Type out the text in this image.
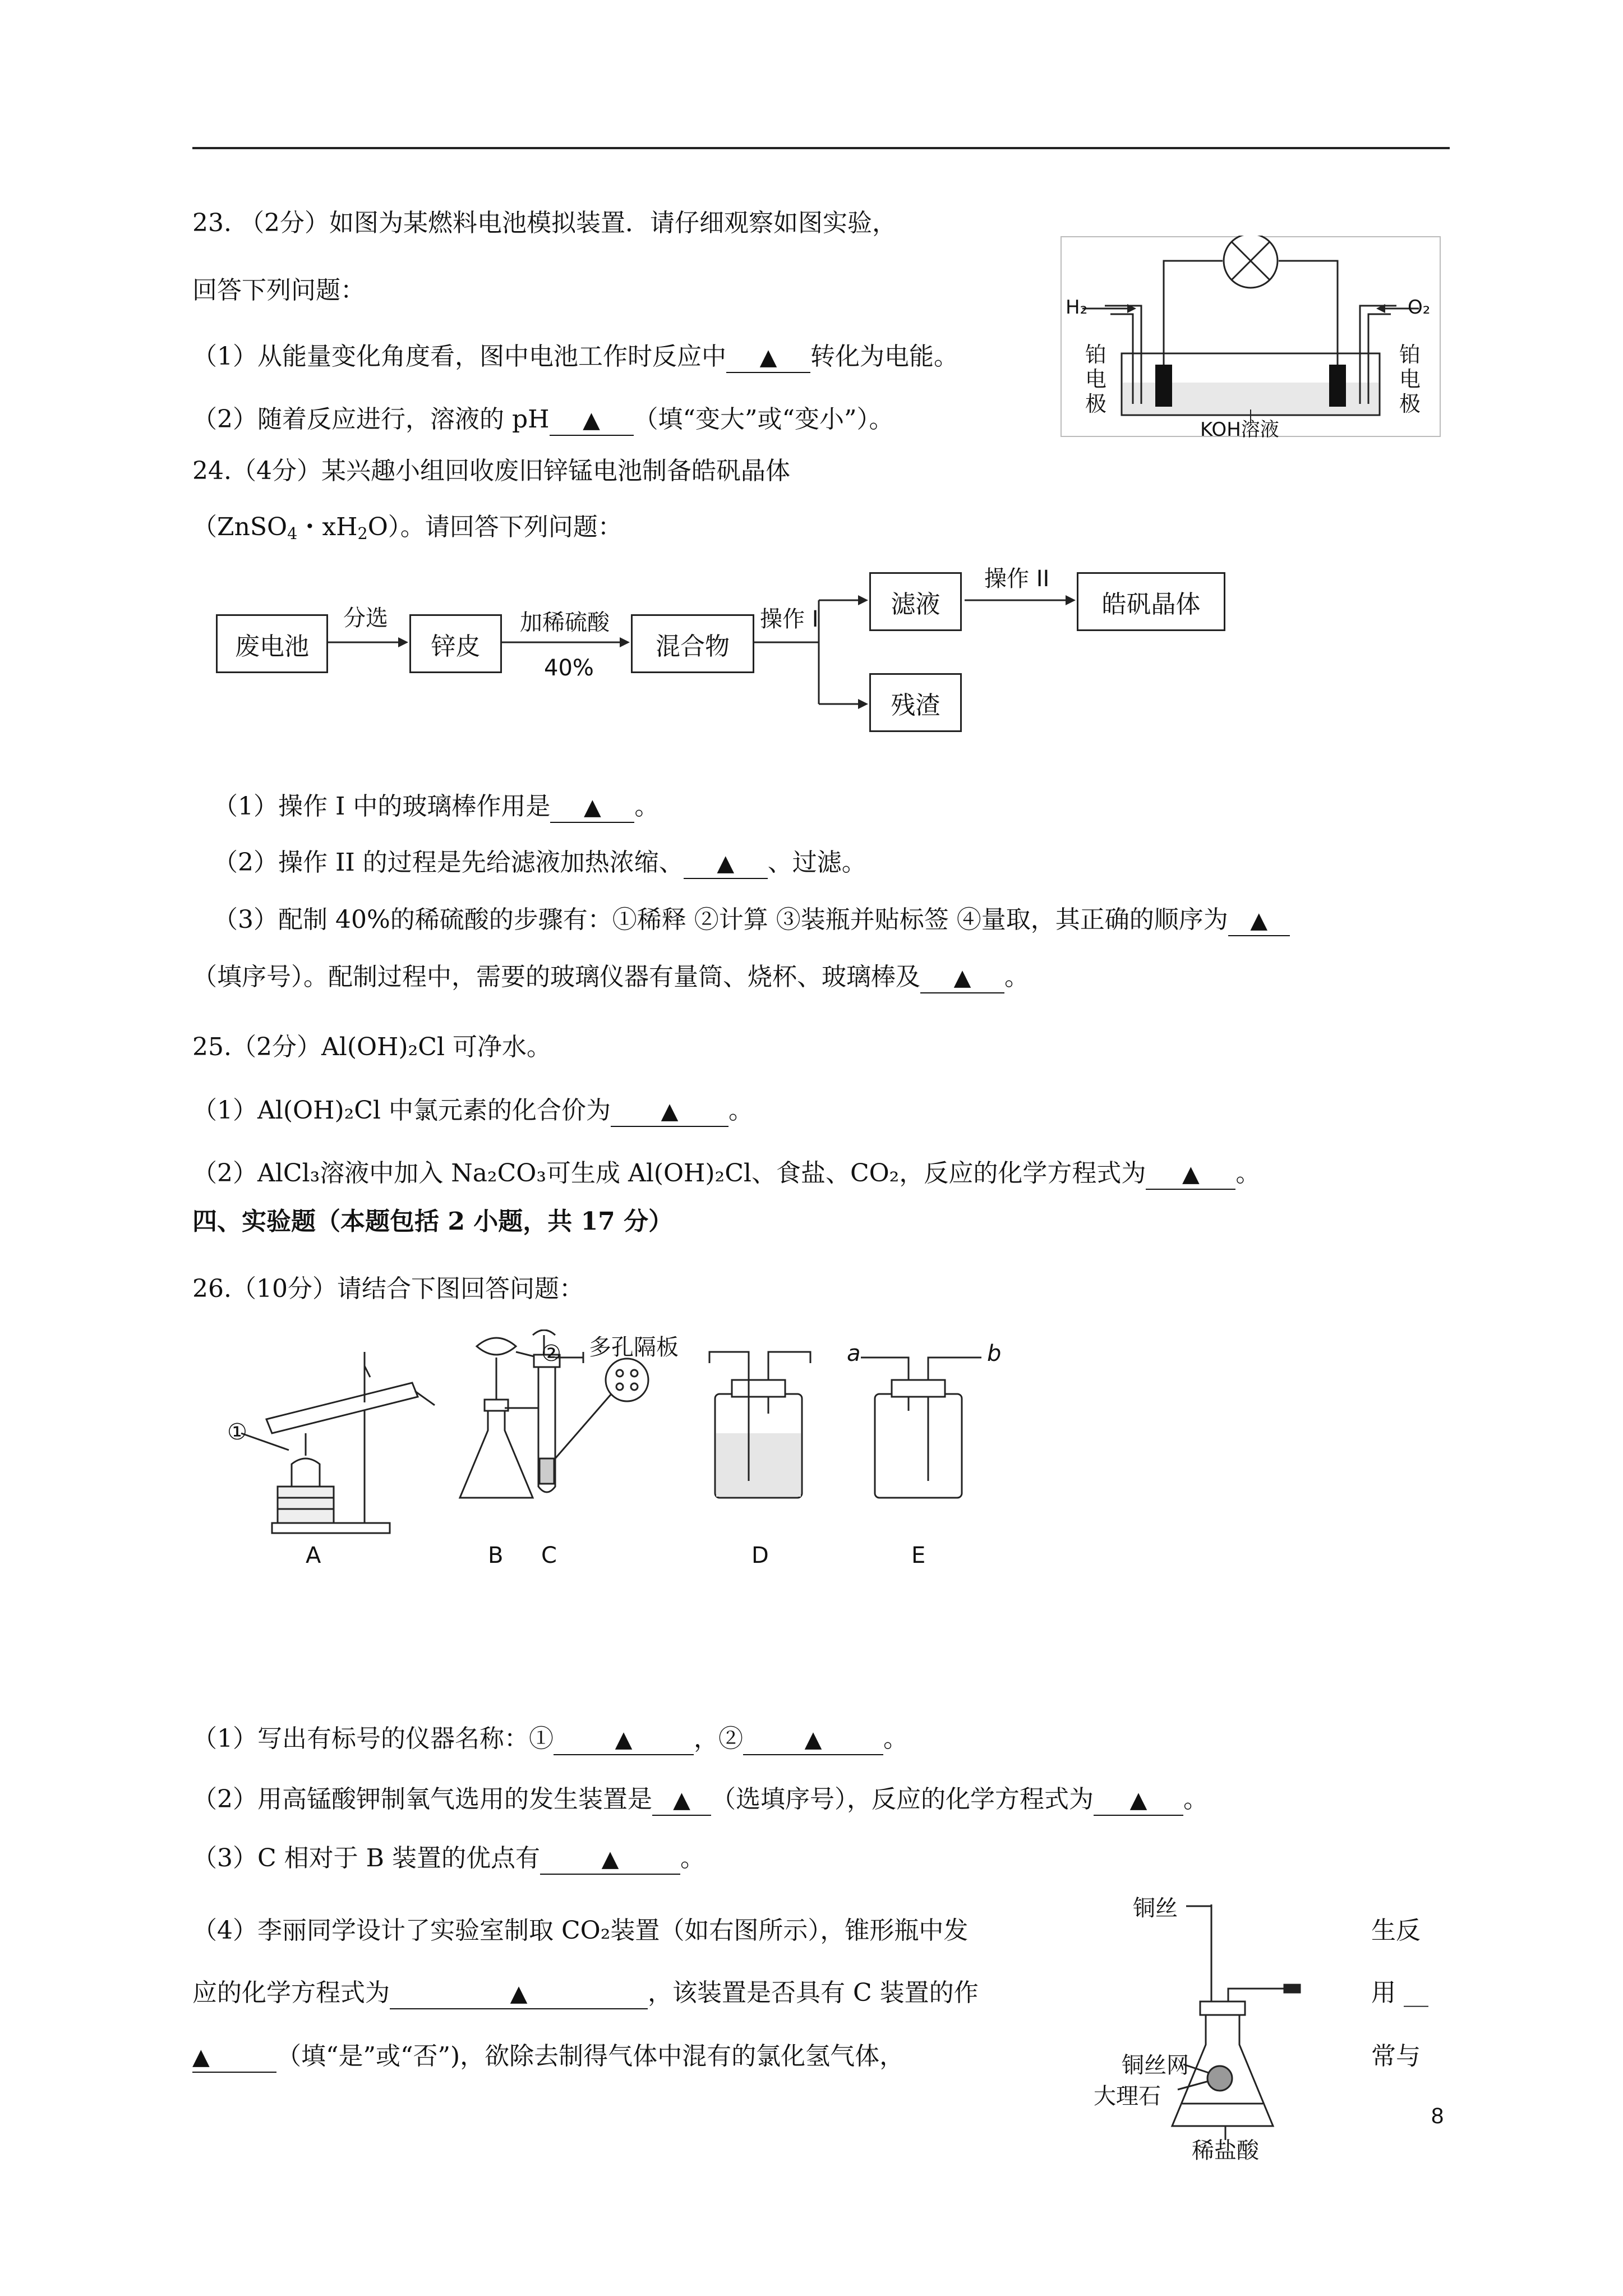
23. （2分）如图为某燃料电池模拟装置．请仔细观察如图实验，
回答下列问题：
（1）从能量变化角度看，图中电池工作时反应中 ▲ 转化为电能。
（2）随着反应进行，溶液的 pH ▲ （填“变大”或“变小”）。
H₂	O₂
铂
电
极
铂
电
极
KOH溶液
24.（4分）某兴趣小组回收废旧锌锰电池制备皓矾晶体
（ZnSO$_4$・$xH_2O$）。请回答下列问题：
废电池
分选
锌皮
加稀硫酸
40%
混合物
操作 I
滤液
操作 II
皓矾晶体
残渣
（1）操作 I 中的玻璃棒作用是 ▲ 。
（2）操作 II 的过程是先给滤液加热浓缩、 ▲ 、过滤。
（3）配制 40%的稀硫酸的步骤有：①稀释 ②计算 ③装瓶并贴标签 ④量取，其正确的顺序为 ▲
（填序号）。配制过程中，需要的玻璃仪器有量筒、烧杯、玻璃棒及 ▲ 。
25.（2分）Al(OH)₂Cl 可净水。
（1）Al(OH)₂Cl 中氯元素的化合价为 ▲ 。
（2）AlCl₃溶液中加入 Na₂CO₃可生成 Al(OH)₂Cl、食盐、CO₂，反应的化学方程式为 ▲ 。
四、实验题（本题包括 2 小题，共 17 分）
26.（10分）请结合下图回答问题：
①
② 多孔隔板	a	b
A	B C	D	E
（1）写出有标号的仪器名称：①	▲ ，②	▲ 。
（2）用高锰酸钾制氧气选用的发生装置是 ▲ （选填序号），反应的化学方程式为 ▲ 。
（3）C 相对于 B 装置的优点有	▲ 。
（4）李丽同学设计了实验室制取 CO₂装置（如右图所示），锥形瓶中发
应的化学方程式为	▲	，该装置是否具有 C 装置的作
▲	（填“是”或“否”)，欲除去制得气体中混有的氯化氢气体，
生反
用 __
常与
铜丝
铜丝网
大理石
稀盐酸
8
